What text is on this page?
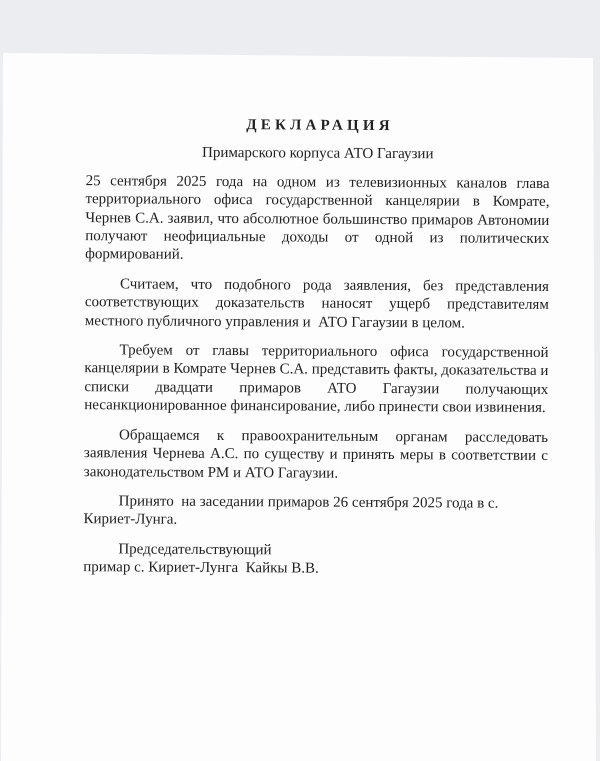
ДЕКЛАРАЦИЯ
Примарского корпуса АТО Гагаузии

25 сентября 2025 года на одном из телевизионных каналов глава территориального офиса государственной канцелярии в Комрате, Чернев С.А. заявил, что абсолютное большинство примаров Автономии получают неофициальные доходы от одной из политических формирований.

Считаем, что подобного рода заявления, без представления соответствующих доказательств наносят ущерб представителям местного публичного управления и  АТО Гагаузии в целом.

Требуем от главы территориального офиса государственной канцелярии в Комрате Чернев С.А. представить факты, доказательства и списки двадцати примаров АТО Гагаузии получающих несанкционированное финансирование, либо принести свои извинения.

Обращаемся к правоохранительным органам расследовать заявления Чернева А.С. по существу и принять меры в соответствии с законодательством РМ и АТО Гагаузии.

Принято  на заседании примаров 26 сентября 2025 года в с. Кириет-Лунга.

Председательствующий
примар с. Кириет-Лунга  Кайкы В.В.
